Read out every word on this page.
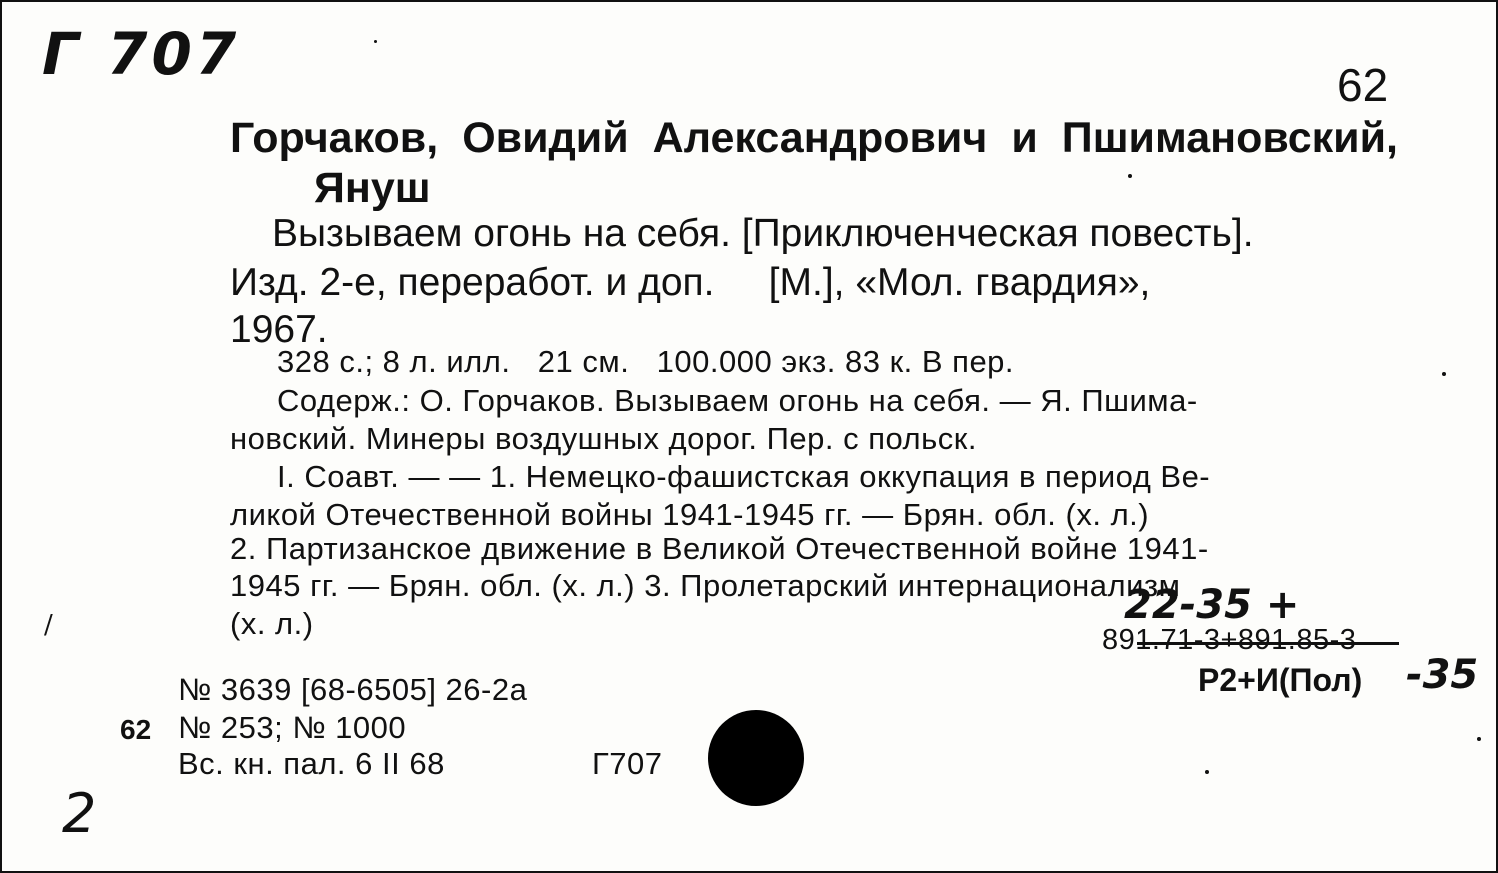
Г 707	62
Горчаков, Овидий Александрович и Пшимановский,
Януш
Вызываем огонь на себя. [Приключенческая повесть].
Изд. 2-е, переработ. и доп.     [М.], «Мол. гвардия»,
1967.
328 с.; 8 л. илл.   21 см.   100.000 экз. 83 к. В пер.
Содерж.: О. Горчаков. Вызываем огонь на себя. — Я. Пшима-
новский. Минеры воздушных дорог. Пер. с польск.
I. Соавт. — — 1. Немецко-фашистская оккупация в период Ве-
ликой Отечественной войны 1941-1945 гг. — Брян. обл. (х. л.)
2. Партизанское движение в Великой Отечественной войне 1941-
1945 гг. — Брян. обл. (х. л.) 3. Пролетарский интернационализм
(х. л.)	22-35 +
891.71-3+891.85-3
Р2+И(Пол) -35
№ 3639 [68-6505] 26-2а
62 № 253; № 1000
Вс. кн. пал. 6 II 68	Г707
2
/
